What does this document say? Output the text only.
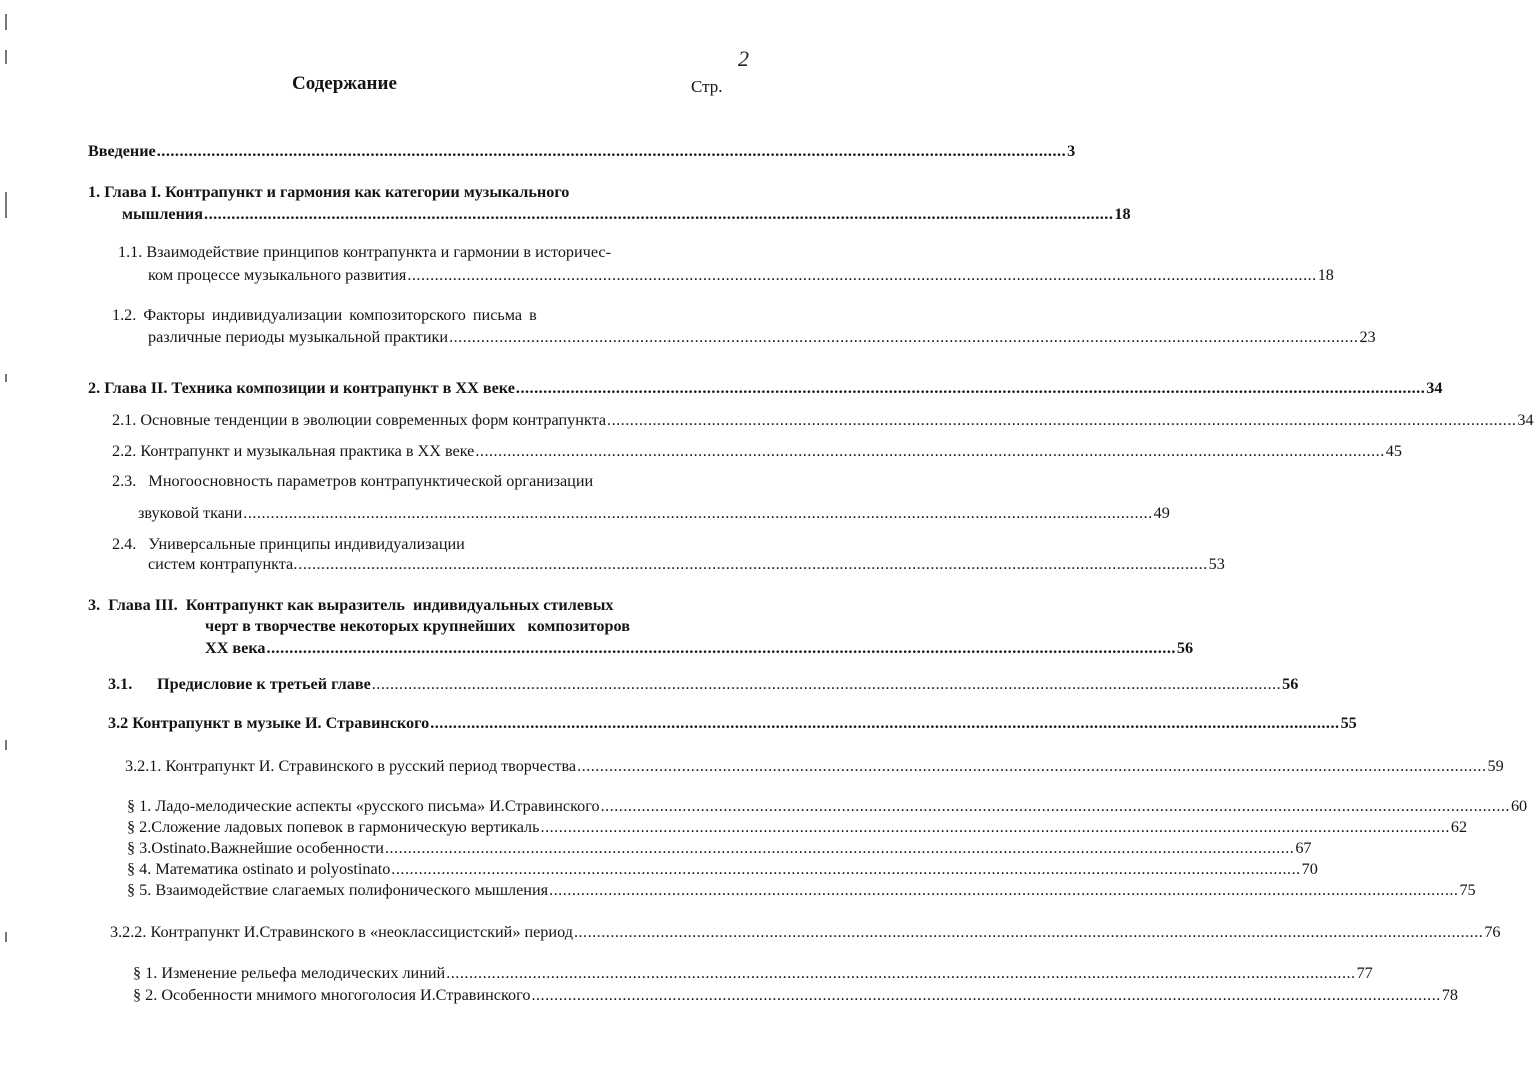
2
Содержание	Стр.
Введение ........................................................................................................................................................................................................ 3
1. Глава I. Контрапункт и гармония как категории музыкального
мышления ........................................................................................................................................................................................................ 18
1.1. Взаимодействие принципов контрапункта и гармонии в историчес-
ком процессе музыкального развития ........................................................................................................................................................................................................ 18
1.2. Факторы индивидуализации композиторского письма в
различные периоды музыкальной практики ........................................................................................................................................................................................................ 23
2. Глава II. Техника композиции и контрапункт в XX веке ........................................................................................................................................................................................................ 34
2.1. Основные тенденции в эволюции современных форм контрапункта ........................................................................................................................................................................................................ 34
2.2. Контрапункт и музыкальная практика в XX веке ........................................................................................................................................................................................................ 45
2.3.   Многоосновность параметров контрапунктической организации
звуковой ткани ........................................................................................................................................................................................................ 49
2.4.   Универсальные принципы индивидуализации
систем контрапункта. ........................................................................................................................................................................................................ 53
3.  Глава III.  Контрапункт как выразитель  индивидуальных стилевых
черт в творчестве некоторых крупнейших   композиторов
XX века ........................................................................................................................................................................................................ 56
3.1.	Предисловие к третьей главе ........................................................................................................................................................................................................ 56
3.2 Контрапункт в музыке И. Стравинского ........................................................................................................................................................................................................ 55
3.2.1. Контрапункт И. Стравинского в русский период творчества ........................................................................................................................................................................................................ 59
§ 1. Ладо-мелодические аспекты «русского письма» И.Стравинского ........................................................................................................................................................................................................ 60
§ 2.Сложение ладовых попевок в гармоническую вертикаль ........................................................................................................................................................................................................ 62
§ 3.Ostinato.Важнейшие особенности ........................................................................................................................................................................................................ 67
§ 4. Математика ostinato и polyostinato ........................................................................................................................................................................................................ 70
§ 5. Взаимодействие слагаемых полифонического мышления ........................................................................................................................................................................................................ 75
3.2.2. Контрапункт И.Стравинского в «неоклассицистский» период ........................................................................................................................................................................................................ 76
§ 1. Изменение рельефа мелодических линий ........................................................................................................................................................................................................ 77
§ 2. Особенности мнимого многоголосия И.Стравинского ........................................................................................................................................................................................................ 78
